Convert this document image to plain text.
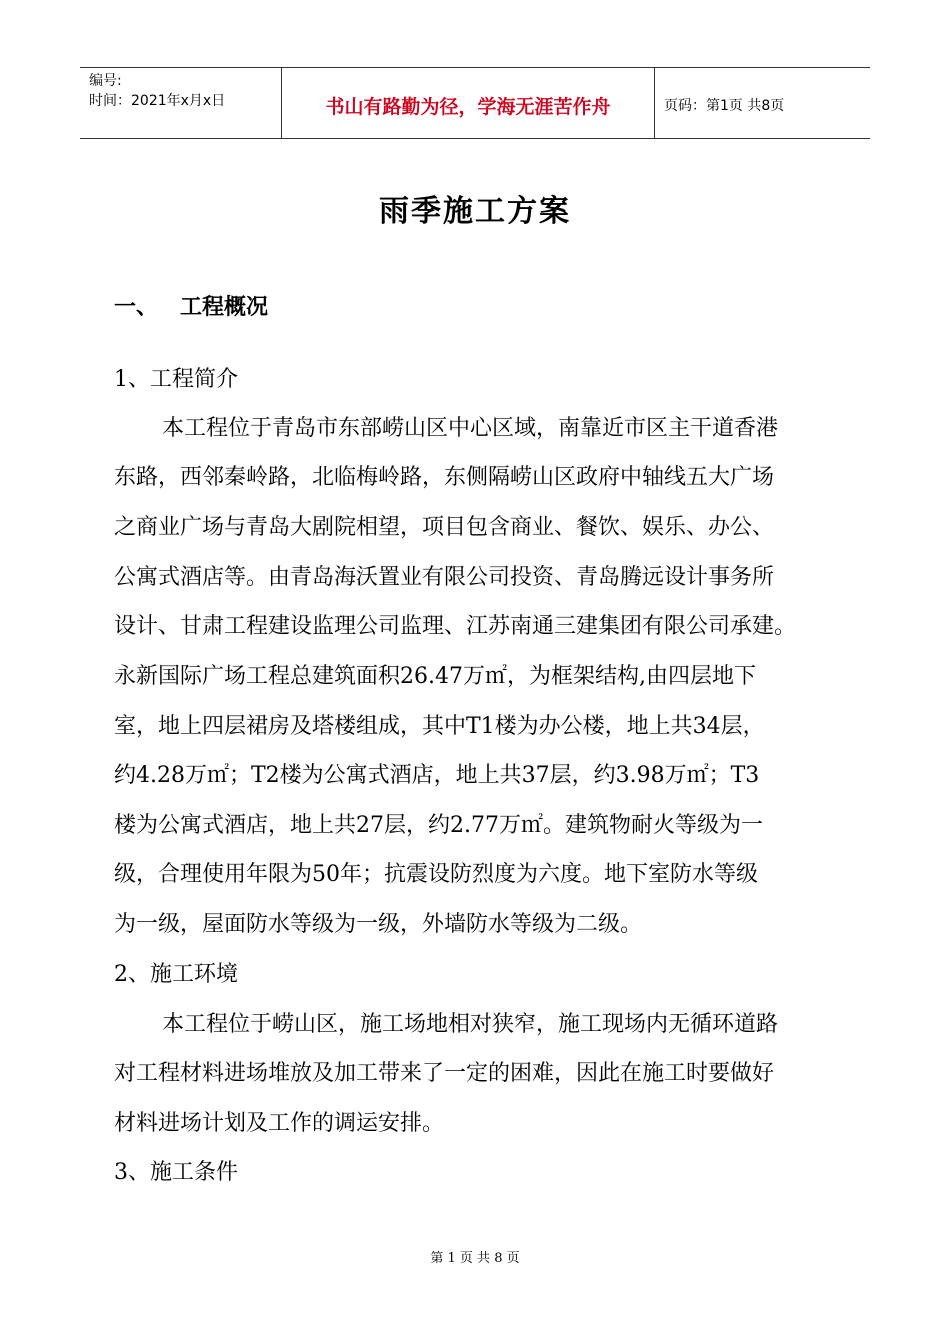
编号:
时间：2021年x月x日	书山有路勤为径，学海无涯苦作舟	页码：第1页 共8页
雨季施工方案
一、 工程概况
1、工程简介
本工程位于青岛市东部崂山区中心区域，南靠近市区主干道香港
东路，西邻秦岭路，北临梅岭路，东侧隔崂山区政府中轴线五大广场
之商业广场与青岛大剧院相望，项目包含商业、餐饮、娱乐、办公、
公寓式酒店等。由青岛海沃置业有限公司投资、青岛腾远设计事务所
设计、甘肃工程建设监理公司监理、江苏南通三建集团有限公司承建。
永新国际广场工程总建筑面积26.47万㎡，为框架结构,由四层地下
室，地上四层裙房及塔楼组成，其中T1楼为办公楼，地上共34层，
约4.28万㎡；T2楼为公寓式酒店，地上共37层，约3.98万㎡；T3
楼为公寓式酒店，地上共27层，约2.77万㎡。建筑物耐火等级为一
级，合理使用年限为50年；抗震设防烈度为六度。地下室防水等级
为一级，屋面防水等级为一级，外墙防水等级为二级。
2、施工环境
本工程位于崂山区，施工场地相对狭窄，施工现场内无循环道路
对工程材料进场堆放及加工带来了一定的困难，因此在施工时要做好
材料进场计划及工作的调运安排。
3、施工条件
第 1 页 共 8 页
